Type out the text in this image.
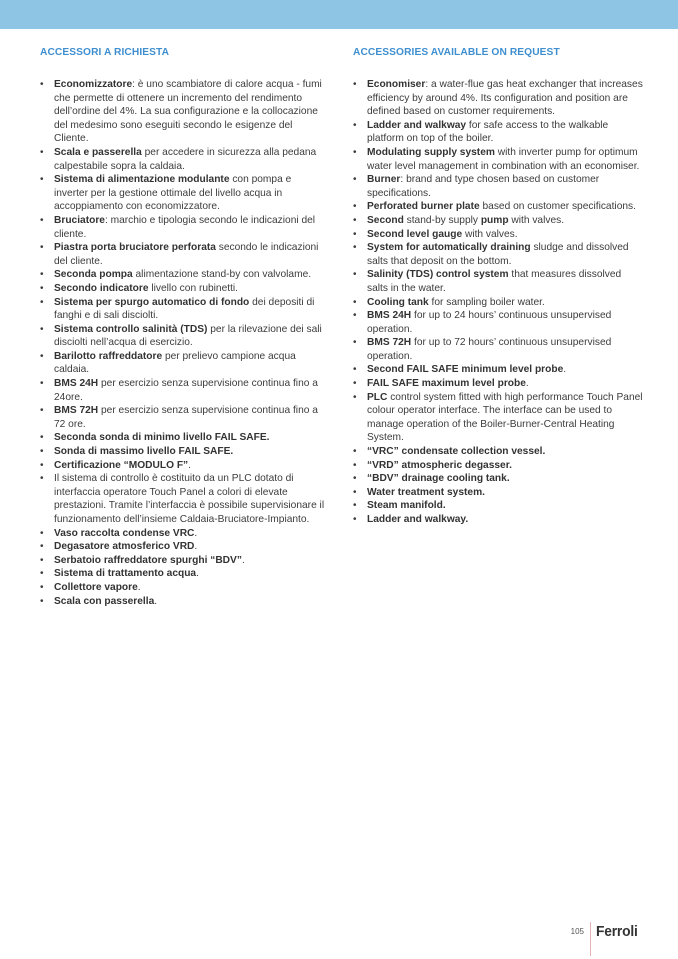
ACCESSORI A RICHIESTA
• Economizzatore: è uno scambiatore di calore acqua - fumi che permette di ottenere un incremento del rendimento dell’ordine del 4%. La sua configurazione e la collocazione del medesimo sono eseguiti secondo le esigenze del Cliente.
• Scala e passerella per accedere in sicurezza alla pedana calpestabile sopra la caldaia.
• Sistema di alimentazione modulante con pompa e inverter per la gestione ottimale del livello acqua in accoppiamento con economizzatore.
• Bruciatore: marchio e tipologia secondo le indicazioni del cliente.
• Piastra porta bruciatore perforata secondo le indicazioni del cliente.
• Seconda pompa alimentazione stand-by con valvolame.
• Secondo indicatore livello con rubinetti.
• Sistema per spurgo automatico di fondo dei depositi di fanghi e di sali disciolti.
• Sistema controllo salinità (TDS) per la rilevazione dei sali disciolti nell’acqua di esercizio.
• Barilotto raffreddatore per prelievo campione acqua caldaia.
• BMS 24H per esercizio senza supervisione continua fino a 24ore.
• BMS 72H per esercizio senza supervisione continua fino a 72 ore.
• Seconda sonda di minimo livello FAIL SAFE.
• Sonda di massimo livello FAIL SAFE.
• Certificazione “MODULO F”.
• Il sistema di controllo è costituito da un PLC dotato di interfaccia operatore Touch Panel a colori di elevate prestazioni. Tramite l’interfaccia è possibile supervisionare il funzionamento dell’insieme Caldaia-Bruciatore-Impianto.
• Vaso raccolta condense VRC.
• Degasatore atmosferico VRD.
• Serbatoio raffreddatore spurghi “BDV”.
• Sistema di trattamento acqua.
• Collettore vapore.
• Scala con passerella.
ACCESSORIES AVAILABLE ON REQUEST
• Economiser: a water-flue gas heat exchanger that increases efficiency by around 4%. Its configuration and position are defined based on customer requirements.
• Ladder and walkway for safe access to the walkable platform on top of the boiler.
• Modulating supply system with inverter pump for optimum water level management in combination with an economiser.
• Burner: brand and type chosen based on customer specifications.
• Perforated burner plate based on customer specifications.
• Second stand-by supply pump with valves.
• Second level gauge with valves.
• System for automatically draining sludge and dissolved salts that deposit on the bottom.
• Salinity (TDS) control system that measures dissolved salts in the water.
• Cooling tank for sampling boiler water.
• BMS 24H for up to 24 hours’ continuous unsupervised operation.
• BMS 72H for up to 72 hours’ continuous unsupervised operation.
• Second FAIL SAFE minimum level probe.
• FAIL SAFE maximum level probe.
• PLC control system fitted with high performance Touch Panel colour operator interface. The interface can be used to manage operation of the Boiler-Burner-Central Heating System.
• “VRC” condensate collection vessel.
• “VRD” atmospheric degasser.
• “BDV” drainage cooling tank.
• Water treatment system.
• Steam manifold.
• Ladder and walkway.
105 Ferroli
